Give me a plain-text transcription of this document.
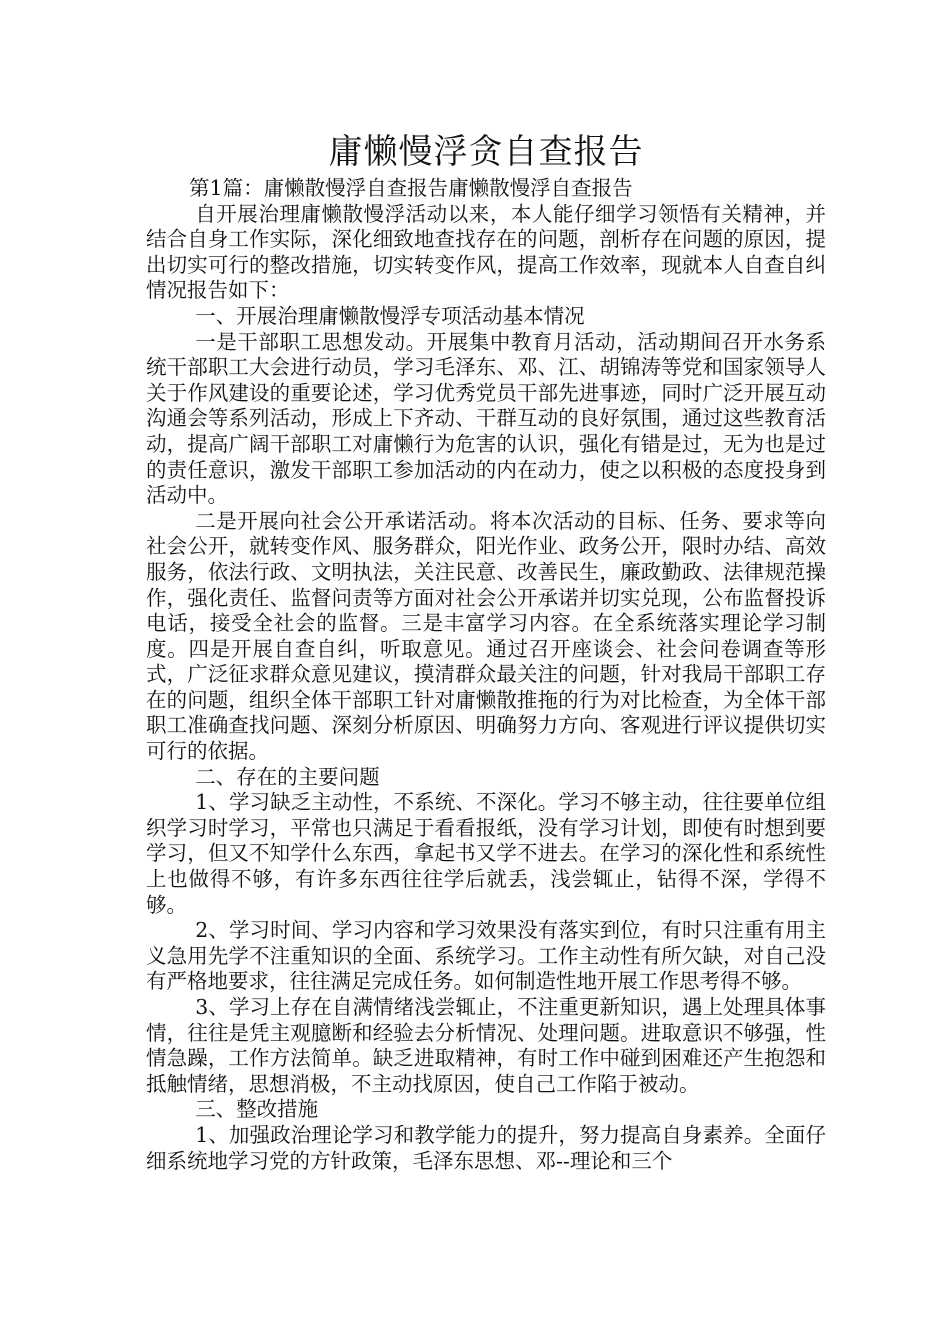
庸懒慢浮贪自查报告

第1篇：庸懒散慢浮自查报告庸懒散慢浮自查报告

自开展治理庸懒散慢浮活动以来，本人能仔细学习领悟有关精神，并结合自身工作实际，深化细致地查找存在的问题，剖析存在问题的原因，提出切实可行的整改措施，切实转变作风，提高工作效率，现就本人自查自纠情况报告如下：

一、开展治理庸懒散慢浮专项活动基本情况

一是干部职工思想发动。开展集中教育月活动，活动期间召开水务系统干部职工大会进行动员，学习毛泽东、邓、江、胡锦涛等党和国家领导人关于作风建设的重要论述，学习优秀党员干部先进事迹，同时广泛开展互动沟通会等系列活动，形成上下齐动、干群互动的良好氛围，通过这些教育活动，提高广阔干部职工对庸懒行为危害的认识，强化有错是过，无为也是过的责任意识，激发干部职工参加活动的内在动力，使之以积极的态度投身到活动中。

二是开展向社会公开承诺活动。将本次活动的目标、任务、要求等向社会公开，就转变作风、服务群众，阳光作业、政务公开，限时办结、高效服务，依法行政、文明执法，关注民意、改善民生，廉政勤政、法律规范操作，强化责任、监督问责等方面对社会公开承诺并切实兑现，公布监督投诉电话，接受全社会的监督。三是丰富学习内容。在全系统落实理论学习制度。四是开展自查自纠，听取意见。通过召开座谈会、社会问卷调查等形式，广泛征求群众意见建议，摸清群众最关注的问题，针对我局干部职工存在的问题，组织全体干部职工针对庸懒散推拖的行为对比检查，为全体干部职工准确查找问题、深刻分析原因、明确努力方向、客观进行评议提供切实可行的依据。

二、存在的主要问题

1、学习缺乏主动性，不系统、不深化。学习不够主动，往往要单位组织学习时学习，平常也只满足于看看报纸，没有学习计划，即使有时想到要学习，但又不知学什么东西，拿起书又学不进去。在学习的深化性和系统性上也做得不够，有许多东西往往学后就丢，浅尝辄止，钻得不深，学得不够。

2、学习时间、学习内容和学习效果没有落实到位，有时只注重有用主义急用先学不注重知识的全面、系统学习。工作主动性有所欠缺，对自己没有严格地要求，往往满足完成任务。如何制造性地开展工作思考得不够。

3、学习上存在自满情绪浅尝辄止，不注重更新知识，遇上处理具体事情，往往是凭主观臆断和经验去分析情况、处理问题。进取意识不够强，性情急躁，工作方法简单。缺乏进取精神，有时工作中碰到困难还产生抱怨和抵触情绪，思想消极，不主动找原因，使自己工作陷于被动。

三、整改措施

1、加强政治理论学习和教学能力的提升，努力提高自身素养。全面仔细系统地学习党的方针政策，毛泽东思想、邓--理论和三个
